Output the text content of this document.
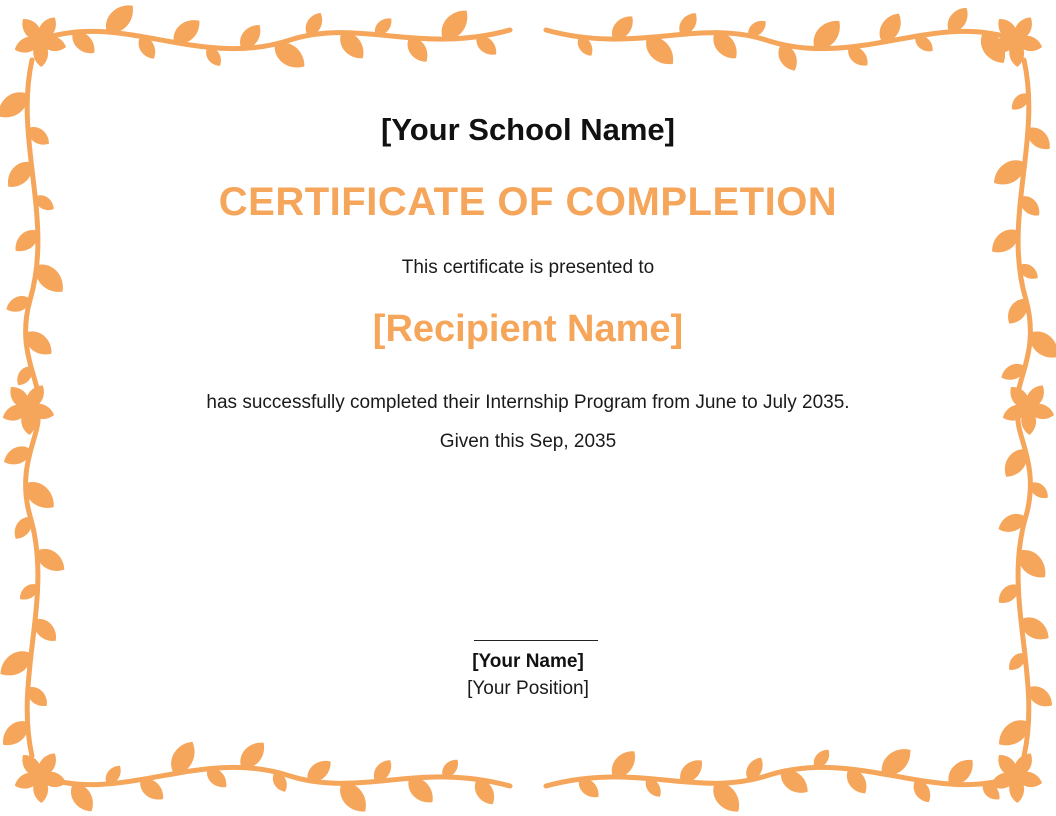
[Your School Name]
CERTIFICATE OF COMPLETION

This certificate is presented to

[Recipient Name]

has successfully completed their Internship Program from June to July 2035.

Given this Sep, 2035

[Your Name]

[Your Position]
